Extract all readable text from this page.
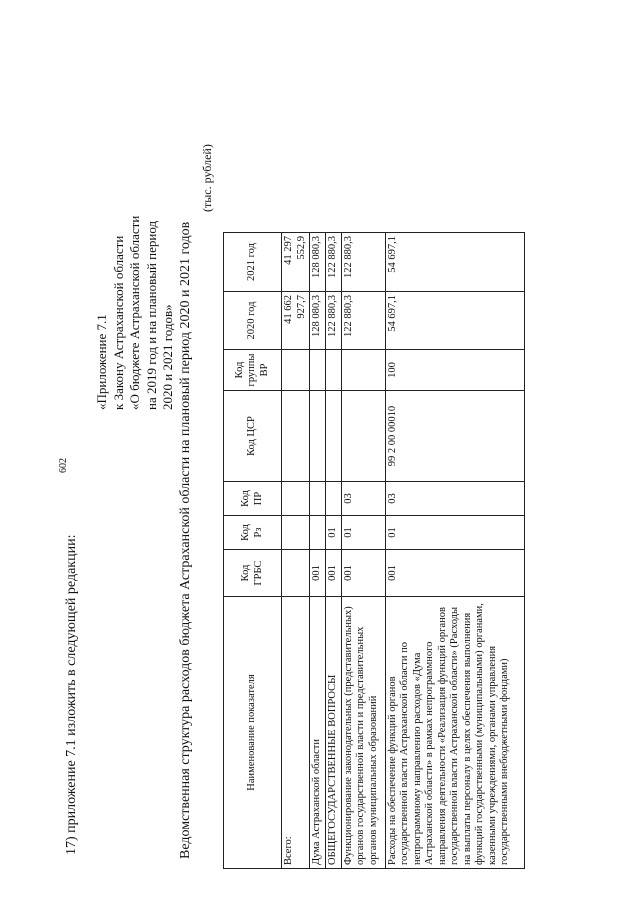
602
17) приложение 7.1 изложить в следующей редакции:
«Приложение 7.1 к Закону Астраханской области «О бюджете Астраханской области на 2019 год и на плановый период 2020 и 2021 годов» Ведомственная структура расходов бюджета Астраханской области на плановый период 2020 и 2021 годов
(тыс. рублей)
Наименование показателя	Код ГРБС	Код Рз	Код ПР	Код ЦСР	Код группы ВР	2020 год	2021 год
Всего:						41 662 927,7	41 297 552,9
Дума Астраханской области	001					128 080,3	128 080,3
ОБЩЕГОСУДАРСТВЕННЫЕ ВОПРОСЫ	001	01				122 880,3	122 880,3
Функционирование законодательных (представительных) органов государственной власти и представительных органов муниципальных образований	001	01	03			122 880,3	122 880,3
Расходы на обеспечение функций органов государственной власти Астраханской области по непрограммному направлению расходов «Дума Астраханской области» в рамках непрограммного направления деятельности «Реализация функций органов государственной власти Астраханской области» (Расходы на выплаты персоналу в целях обеспечения выполнения функций государственными (муниципальными) органами, казенными учреждениями, органами управления государственными внебюджетными фондами)	001	01	03	99 2 00 00010	100	54 697,1	54 697,1
